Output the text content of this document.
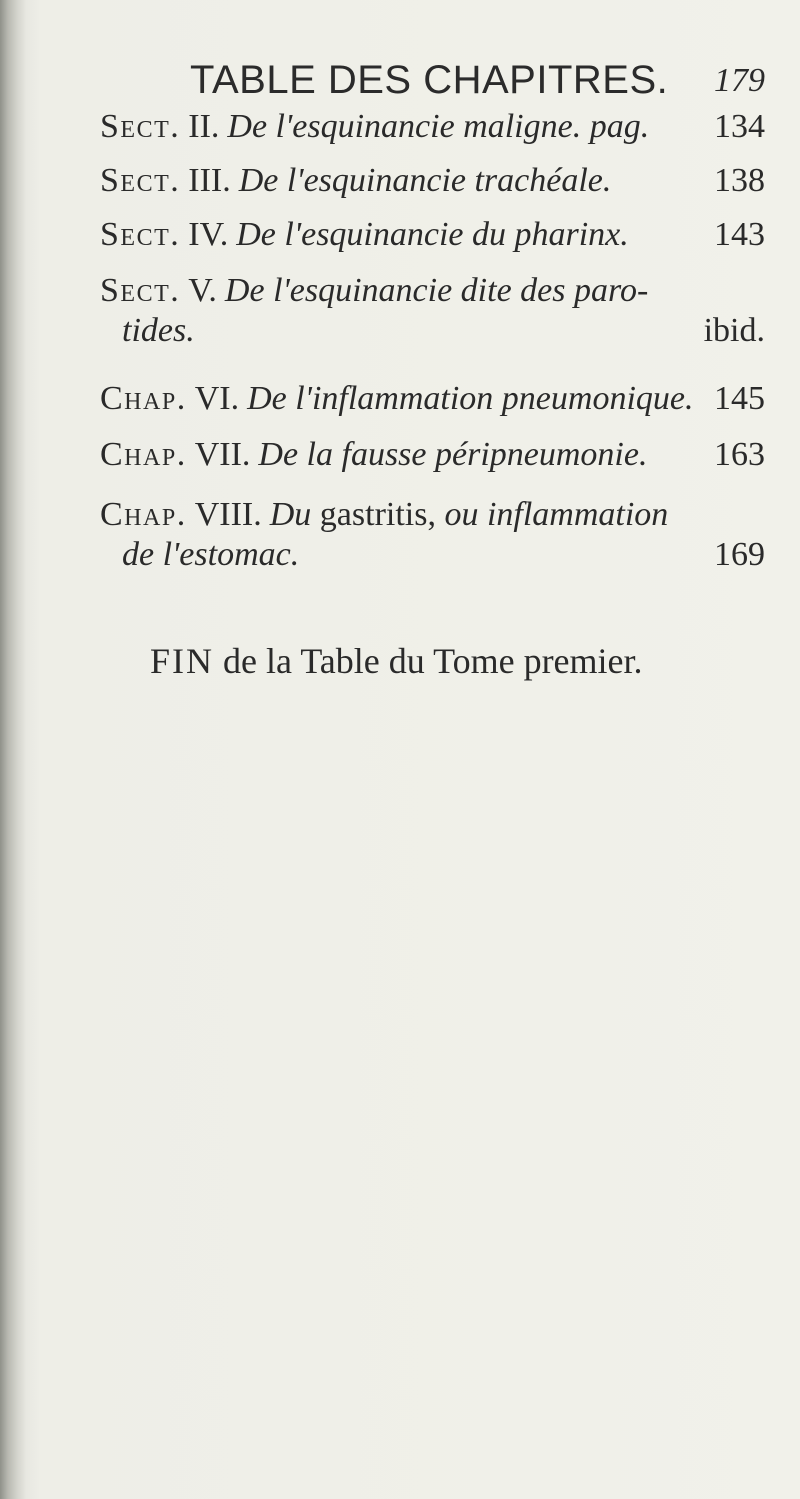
TABLE DES CHAPITRES. 179
Sect. II. De l'esquinancie maligne. pag. 134
Sect. III. De l'esquinancie trachéale.	138
Sect. IV. De l'esquinancie du pharinx.	143
Sect. V. De l'esquinancie dite des paro-
tides.	ibid.
Chap. VI. De l'inflammation pneumonique. 145
Chap. VII. De la fausse péripneumonie. 163
Chap. VIII. Du gastritis, ou inflammation
de l'estomac.	169
FIN de la Table du Tome premier.
